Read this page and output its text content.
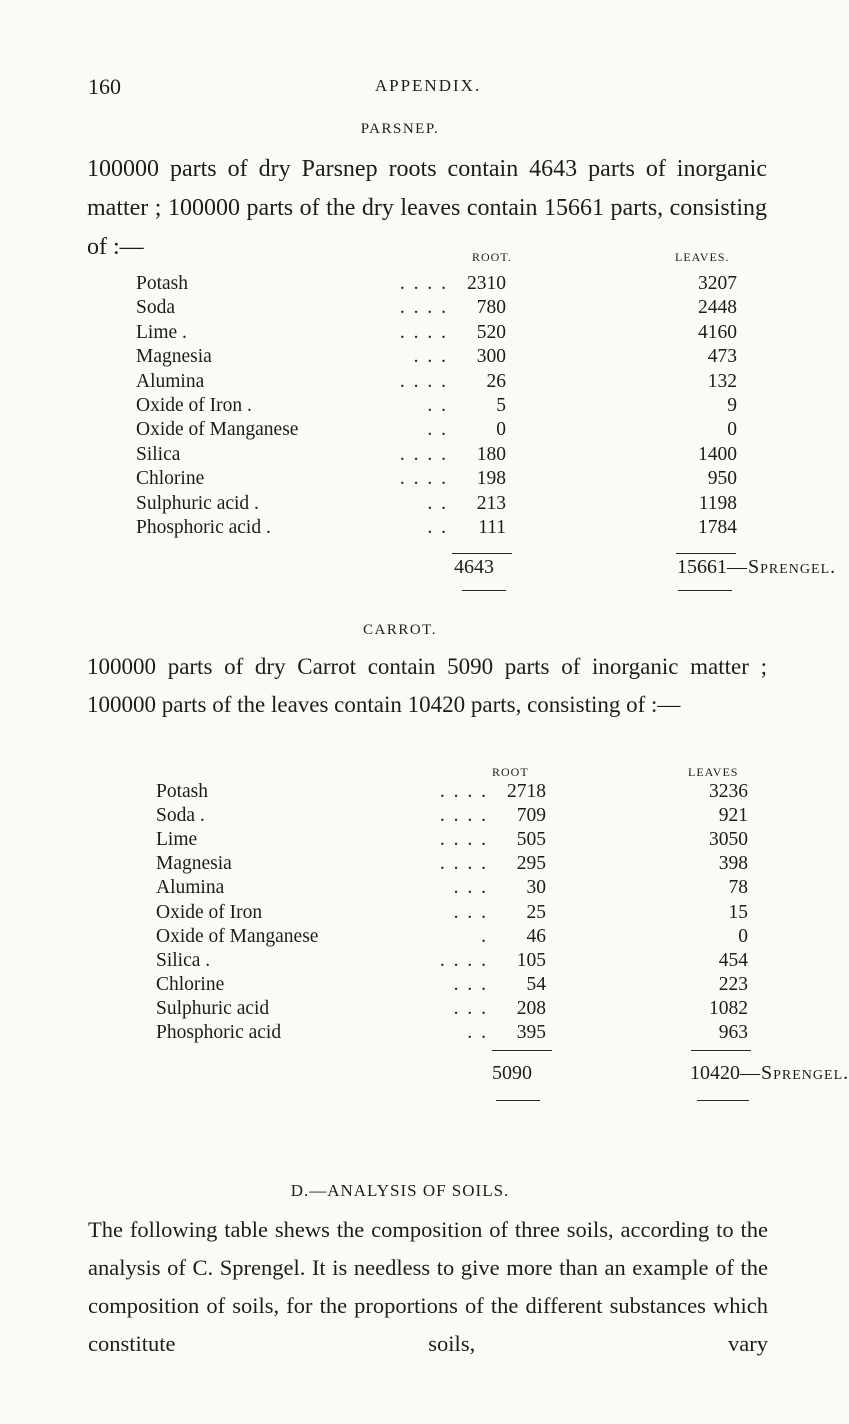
160	APPENDIX.
PARSNEP.

100000 parts of dry Parsnep roots contain 4643 parts of inorganic matter ; 100000 parts of the dry leaves contain 15661 parts, consisting of :—	ROOT.	LEAVES.
Potash	. . . . 2310	3207
Soda	. . . .	780	2448
Lime .	. . . .	520	4160
Magnesia	. . .	300	473
Alumina	. . . .	26	132
Oxide of Iron .	. .	5	9
Oxide of Manganese	. .	0	0
Silica	. . . .	180	1400
Chlorine	. . . .	198	950
Sulphuric acid .	. .	213	1198
Phosphoric acid .	. .	111	1784
4643	15661—Sprengel.
CARROT.

100000 parts of dry Carrot contain 5090 parts of inorganic matter ; 100000 parts of the leaves contain 10420 parts, consisting of :—

ROOT	LEAVES
Potash	. . . . 2718	3236
Soda .	. . . .	709	921
Lime	. . . .	505	3050
Magnesia	. . . .	295	398
Alumina	. . .	30	78
Oxide of Iron	. . .	25	15
Oxide of Manganese	.	46	0
Silica .	. . . .	105	454
Chlorine	. . .	54	223
Sulphuric acid	. . .	208	1082
Phosphoric acid	. .	395	963
5090	10420—Sprengel.
D.—ANALYSIS OF SOILS.

The following table shews the composition of three soils, according to the analysis of C. Sprengel. It is needless to give more than an example of the composition of soils, for the proportions of the different substances which constitute soils, vary
